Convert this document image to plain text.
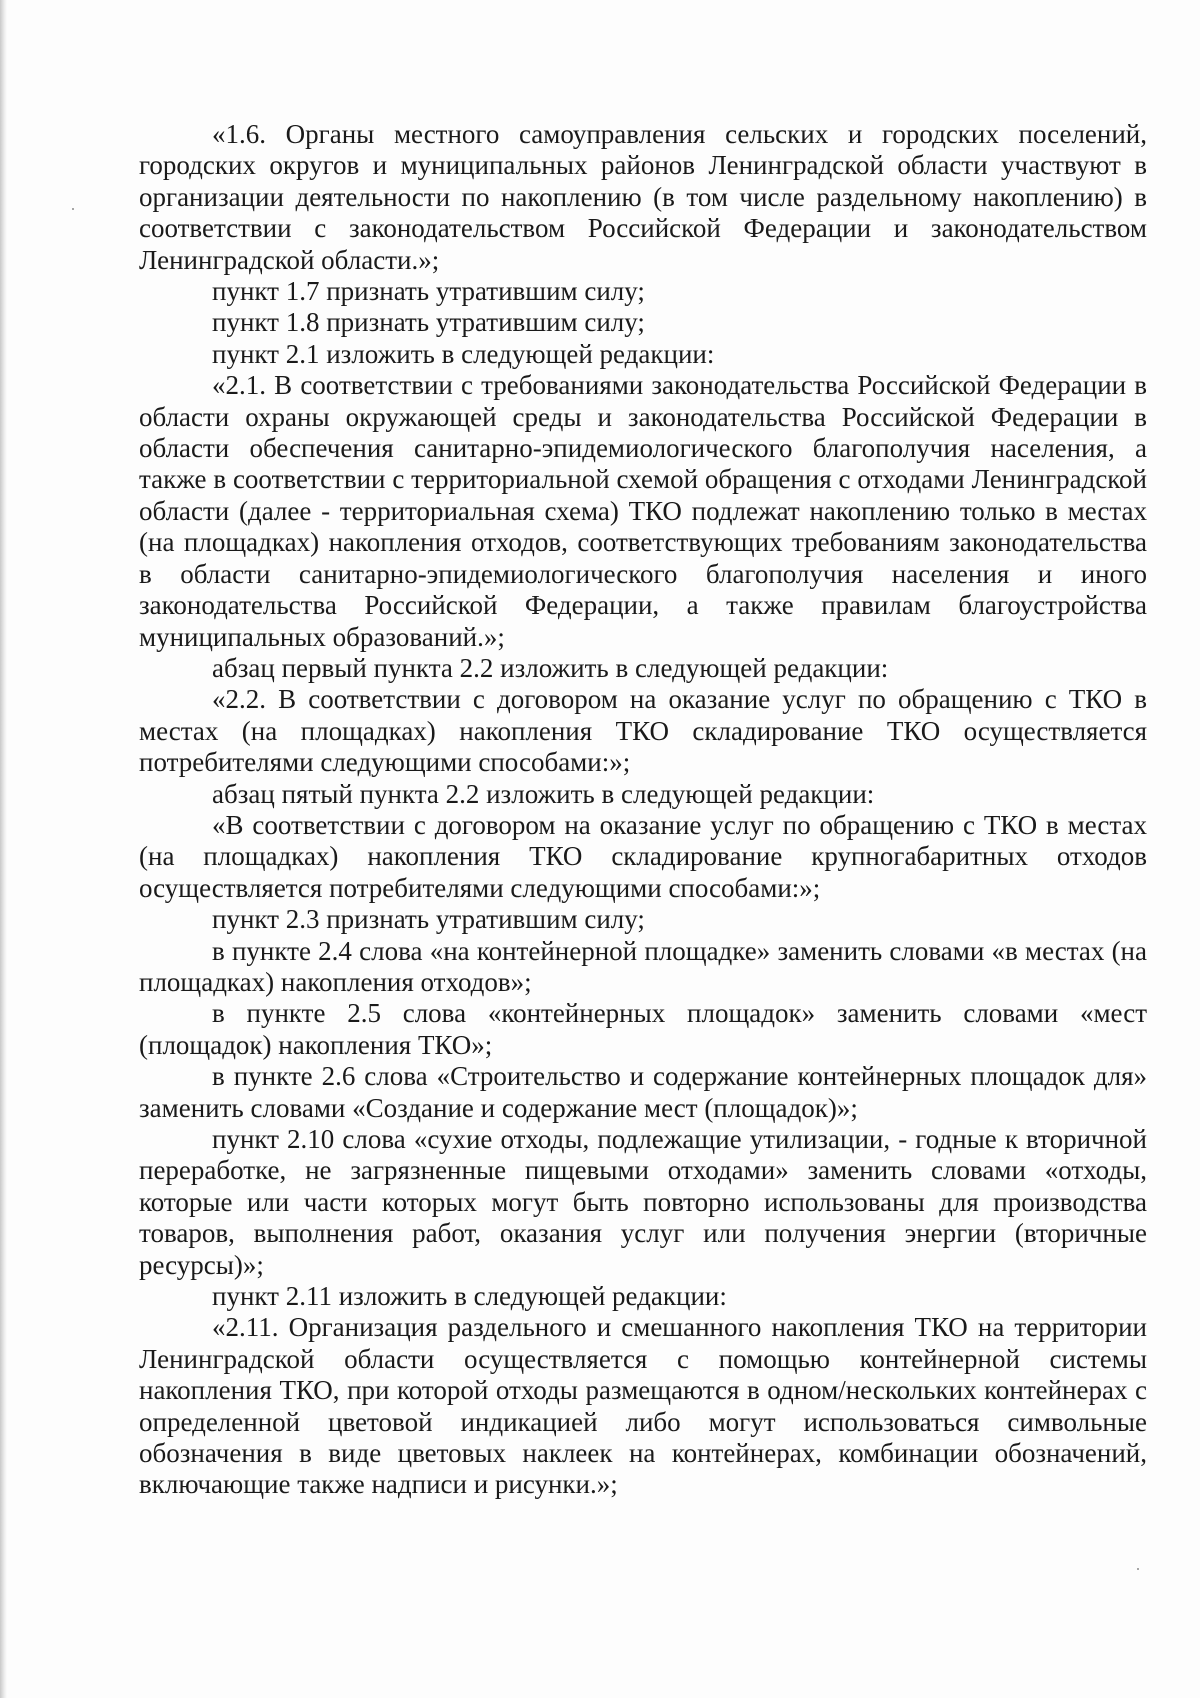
«1.6. Органы местного самоуправления сельских и городских поселений, городских округов и муниципальных районов Ленинградской области участвуют в организации деятельности по накоплению (в том числе раздельному накоплению) в соответствии с законодательством Российской Федерации и законодательством Ленинградской области.»;

пункт 1.7 признать утратившим силу;

пункт 1.8 признать утратившим силу;

пункт 2.1 изложить в следующей редакции:

«2.1. В соответствии с требованиями законодательства Российской Федерации в области охраны окружающей среды и законодательства Российской Федерации в области обеспечения санитарно-эпидемиологического благополучия населения, а также в соответствии с территориальной схемой обращения с отходами Ленинградской области (далее - территориальная схема) ТКО подлежат накоплению только в местах (на площадках) накопления отходов, соответствующих требованиям законодательства в области санитарно-эпидемиологического благополучия населения и иного законодательства Российской Федерации, а также правилам благоустройства муниципальных образований.»;

абзац первый пункта 2.2 изложить в следующей редакции:

«2.2. В соответствии с договором на оказание услуг по обращению с ТКО в местах (на площадках) накопления ТКО складирование ТКО осуществляется потребителями следующими способами:»;

абзац пятый пункта 2.2 изложить в следующей редакции:

«В соответствии с договором на оказание услуг по обращению с ТКО в местах (на площадках) накопления ТКО складирование крупногабаритных отходов осуществляется потребителями следующими способами:»;

пункт 2.3 признать утратившим силу;

в пункте 2.4 слова «на контейнерной площадке» заменить словами «в местах (на площадках) накопления отходов»;

в пункте 2.5 слова «контейнерных площадок» заменить словами «мест (площадок) накопления ТКО»;

в пункте 2.6 слова «Строительство и содержание контейнерных площадок для» заменить словами «Создание и содержание мест (площадок)»;

пункт 2.10 слова «сухие отходы, подлежащие утилизации, - годные к вторичной переработке, не загрязненные пищевыми отходами» заменить словами «отходы, которые или части которых могут быть повторно использованы для производства товаров, выполнения работ, оказания услуг или получения энергии (вторичные ресурсы)»;

пункт 2.11 изложить в следующей редакции:

«2.11. Организация раздельного и смешанного накопления ТКО на территории Ленинградской области осуществляется с помощью контейнерной системы накопления ТКО, при которой отходы размещаются в одном/нескольких контейнерах с определенной цветовой индикацией либо могут использоваться символьные обозначения в виде цветовых наклеек на контейнерах, комбинации обозначений, включающие также надписи и рисунки.»;
